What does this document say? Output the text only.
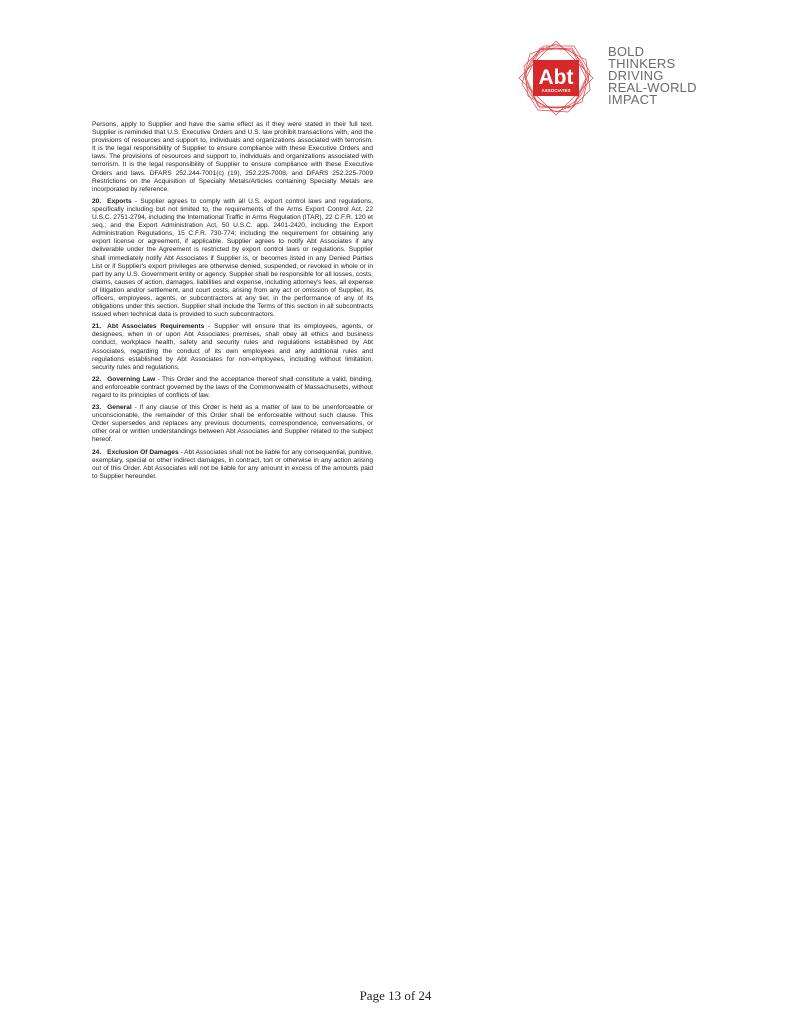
Abt
ASSOCIATES
BOLD
THINKERS
DRIVING
REAL-WORLD
IMPACT

Persons, apply to Supplier and have the same effect as if they were stated in their full text. Supplier is reminded that U.S. Executive Orders and U.S. law prohibit transactions with, and the provisions of resources and support to, individuals and organizations associated with terrorism. It is the legal responsibility of Supplier to ensure compliance with these Executive Orders and laws. The provisions of resources and support to, individuals and organizations associated with terrorism. It is the legal responsibility of Supplier to ensure compliance with these Executive Orders and laws. DFARS 252.244-7001(c) (19), 252.225-7008, and DFARS 252.225-7009 Restrictions on the Acquisition of Specialty Metals/Articles containing Specialty Metals are incorporated by reference.

20. Exports - Supplier agrees to comply with all U.S. export control laws and regulations, specifically including but not limited to, the requirements of the Arms Export Control Act, 22 U.S.C. 2751-2794, including the International Traffic in Arms Regulation (ITAR), 22 C.F.R. 120 et seq.; and the Export Administration Act, 50 U.S.C. app. 2401-2420, including the Export Administration Regulations, 15 C.F.R. 730-774; including the requirement for obtaining any export license or agreement, if applicable. Supplier agrees to notify Abt Associates if any deliverable under the Agreement is restricted by export control laws or regulations. Supplier shall immediately notify Abt Associates if Supplier is, or becomes listed in any Denied Parties List or if Supplier's export privileges are otherwise denied, suspended, or revoked in whole or in part by any U.S. Government entity or agency. Supplier shall be responsible for all losses, costs, claims, causes of action, damages, liabilities and expense, including attorney's fees, all expense of litigation and/or settlement, and court costs, arising from any act or omission of Supplier, its officers, employees, agents, or subcontractors at any tier, in the performance of any of its obligations under this section. Supplier shall include the Terms of this section in all subcontracts issued when technical data is provided to such subcontractors.

21. Abt Associates Requirements - Supplier will ensure that its employees, agents, or designees, when in or upon Abt Associates premises, shall obey all ethics and business conduct, workplace health, safety and security rules and regulations established by Abt Associates, regarding the conduct of its own employees and any additional rules and regulations established by Abt Associates for non-employees, including without limitation, security rules and regulations.

22. Governing Law - This Order and the acceptance thereof shall constitute a valid, binding, and enforceable contract governed by the laws of the Commonwealth of Massachusetts, without regard to its principles of conflicts of law.

23. General - If any clause of this Order is held as a matter of law to be unenforceable or unconscionable, the remainder of this Order shall be enforceable without such clause. This Order supersedes and replaces any previous documents, correspondence, conversations, or other oral or written understandings between Abt Associates and Supplier related to the subject hereof.

24. Exclusion Of Damages - Abt Associates shall not be liable for any consequential, punitive, exemplary, special or other indirect damages, in contract, tort or otherwise in any action arising out of this Order. Abt Associates will not be liable for any amount in excess of the amounts paid to Supplier hereunder.

Page 13 of 24
